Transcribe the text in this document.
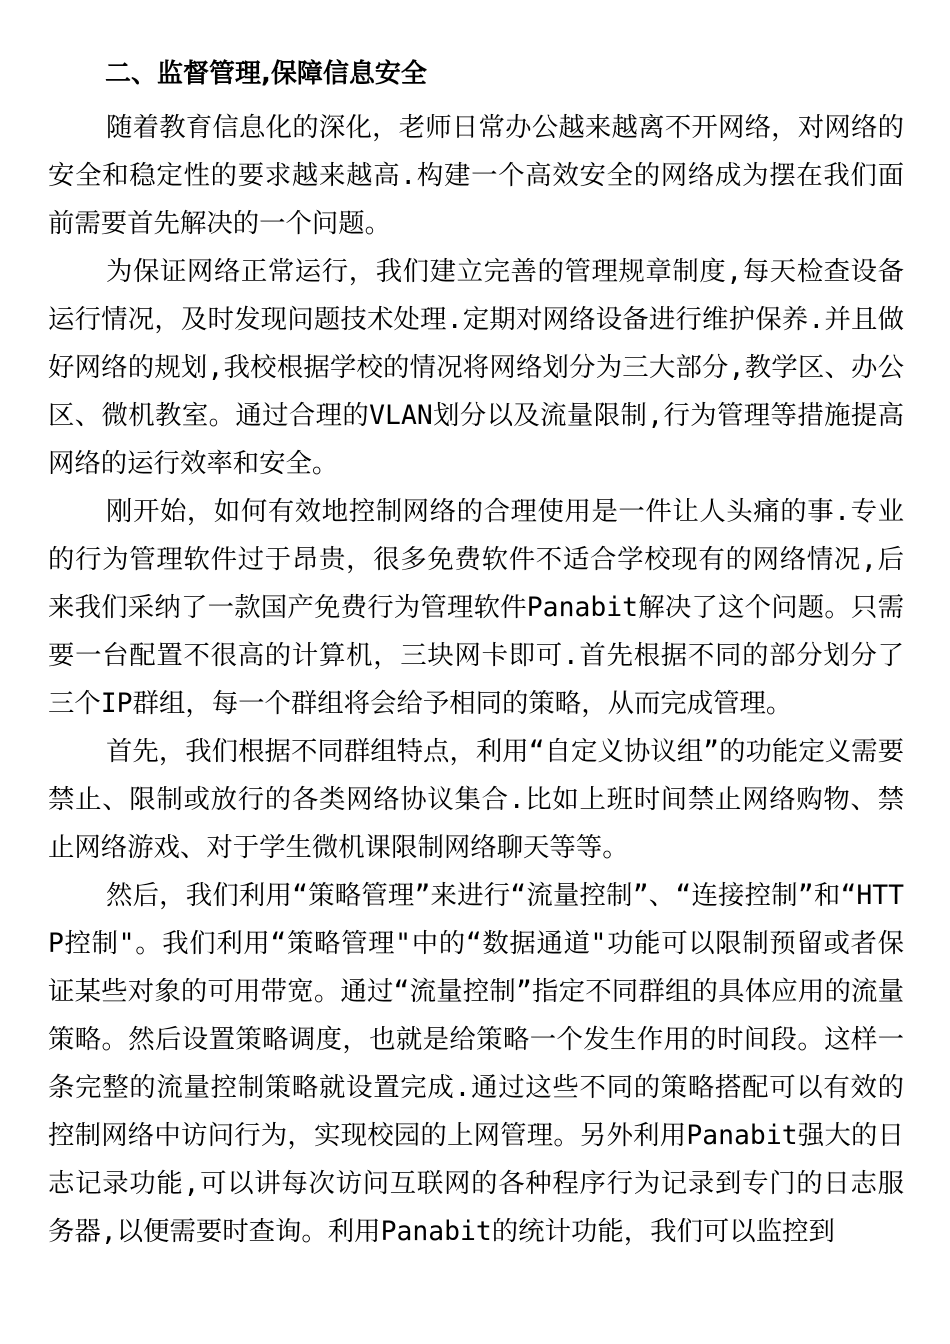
二、监督管理,保障信息安全

随着教育信息化的深化，老师日常办公越来越离不开网络，对网络的安全和稳定性的要求越来越高.构建一个高效安全的网络成为摆在我们面前需要首先解决的一个问题。

为保证网络正常运行，我们建立完善的管理规章制度,每天检查设备运行情况，及时发现问题技术处理.定期对网络设备进行维护保养.并且做好网络的规划,我校根据学校的情况将网络划分为三大部分,教学区、办公区、微机教室。通过合理的VLAN划分以及流量限制,行为管理等措施提高网络的运行效率和安全。

刚开始，如何有效地控制网络的合理使用是一件让人头痛的事.专业的行为管理软件过于昂贵，很多免费软件不适合学校现有的网络情况,后来我们采纳了一款国产免费行为管理软件Panabit解决了这个问题。只需要一台配置不很高的计算机，三块网卡即可.首先根据不同的部分划分了三个IP群组，每一个群组将会给予相同的策略，从而完成管理。

首先，我们根据不同群组特点，利用“自定义协议组”的功能定义需要禁止、限制或放行的各类网络协议集合.比如上班时间禁止网络购物、禁止网络游戏、对于学生微机课限制网络聊天等等。

然后，我们利用“策略管理”来进行“流量控制”、“连接控制”和“HTTP控制"。我们利用“策略管理"中的“数据通道"功能可以限制预留或者保证某些对象的可用带宽。通过“流量控制”指定不同群组的具体应用的流量策略。然后设置策略调度，也就是给策略一个发生作用的时间段。这样一条完整的流量控制策略就设置完成.通过这些不同的策略搭配可以有效的控制网络中访问行为，实现校园的上网管理。另外利用Panabit强大的日志记录功能,可以讲每次访问互联网的各种程序行为记录到专门的日志服务器,以便需要时查询。利用Panabit的统计功能，我们可以监控到
